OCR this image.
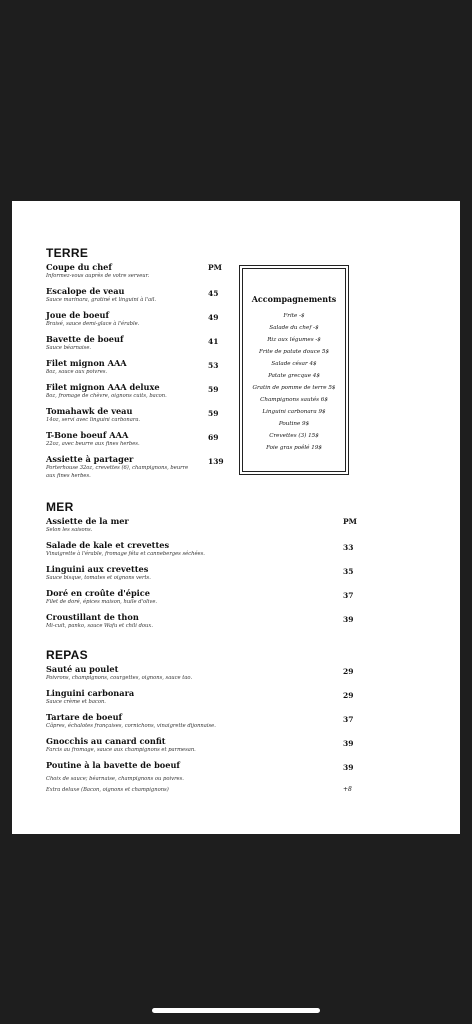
TERRE
PM
Coupe du chef
Informez-vous auprès de votre serveur.
Escalope de veau
Sauce marinara, gratiné et linguini à l'ail.
45
Joue de boeuf
Braisé, sauce demi-glace à l'érable.
49
Bavette de boeuf
Sauce béarnaise.
41
Filet mignon AAA
8oz, sauce aux poivres.
53
Filet mignon AAA deluxe
8oz, fromage de chèvre, oignons cuits, bacon.
59
Tomahawk de veau
14oz, servi avec linguini carbonara.
59
T-Bone boeuf AAA
22oz, avec beurre aux fines herbes.
69
Assiette à partager
Porterhouse 32oz, crevettes (6), champignons, beurre aux fines herbes.
139
Accompagnements
Frite -$
Salade du chef -$
Riz aux légumes -$
Frite de patate douce 5$
Salade césar 4$
Patate grecque 4$
Gratin de pomme de terre 5$
Champignons sautés 6$
Linguini carbonara 9$
Poutine 9$
Crevettes (3) 15$
Foie gras poêlé 19$
MER
PM
Assiette de la mer
Selon les saisons.
Salade de kale et crevettes
Vinaigrette à l'érable, fromage féta et canneberges séchées.
33
Linguini aux crevettes
Sauce bisque, tomates et oignons verts.
35
Doré en croûte d'épice
Filet de doré, épices maison, huile d'olive.
37
Croustillant de thon
Mi-cuit, panko, sauce Wafu et chili doux.
39
REPAS
Sauté au poulet
Poivrons, champignons, courgettes, oignons, sauce tao.
29
Linguini carbonara
Sauce crème et bacon.
29
Tartare de boeuf
Câpres, échalotes françaises, cornichons, vinaigrette dijonnaise.
37
Gnocchis au canard confit
Farcis au fromage, sauce aux champignons et parmesan.
39
Poutine à la bavette de boeuf	39
Choix de sauce; béarnaise, champignons ou poivres.
Extra deluxe (Bacon, oignons et champignons)	+8
